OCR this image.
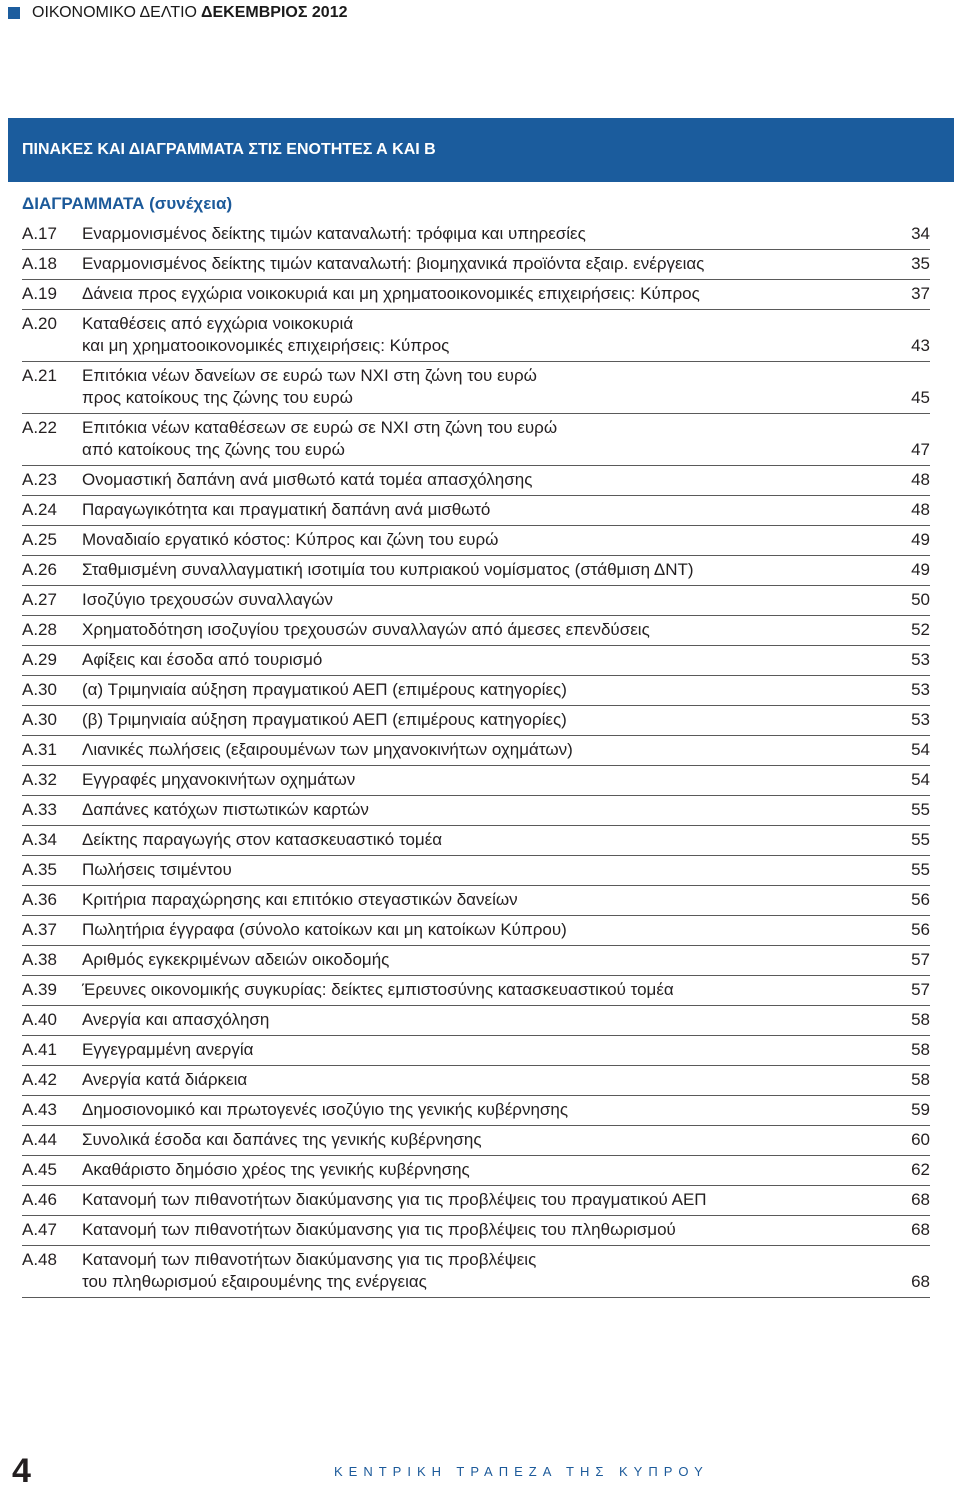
ΟΙΚΟΝΟΜΙΚΟ ΔΕΛΤΙΟ ΔΕΚΕΜΒΡΙΟΣ 2012
ΠΙΝΑΚΕΣ ΚΑΙ ΔΙΑΓΡΑΜΜΑΤΑ ΣΤΙΣ ΕΝΟΤΗΤΕΣ Α ΚΑΙ Β
ΔΙΑΓΡΑΜΜΑΤΑ (συνέχεια)
Α.17	Εναρμονισμένος δείκτης τιμών καταναλωτή: τρόφιμα και υπηρεσίες	34
Α.18	Εναρμονισμένος δείκτης τιμών καταναλωτή: βιομηχανικά προϊόντα εξαιρ. ενέργειας	35
Α.19	Δάνεια προς εγχώρια νοικοκυριά και μη χρηματοοικονομικές επιχειρήσεις: Κύπρος	37
Α.20	Καταθέσεις από εγχώρια νοικοκυριά
και μη χρηματοοικονομικές επιχειρήσεις: Κύπρος	43
Α.21	Επιτόκια νέων δανείων σε ευρώ των ΝΧΙ στη ζώνη του ευρώ
προς κατοίκους της ζώνης του ευρώ	45
Α.22	Επιτόκια νέων καταθέσεων σε ευρώ σε ΝΧΙ στη ζώνη του ευρώ
από κατοίκους της ζώνης του ευρώ	47
Α.23	Ονομαστική δαπάνη ανά μισθωτό κατά τομέα απασχόλησης	48
Α.24	Παραγωγικότητα και πραγματική δαπάνη ανά μισθωτό	48
Α.25	Μοναδιαίο εργατικό κόστος: Κύπρος και ζώνη του ευρώ	49
Α.26	Σταθμισμένη συναλλαγματική ισοτιμία του κυπριακού νομίσματος (στάθμιση ΔΝΤ)	49
Α.27	Ισοζύγιο τρεχουσών συναλλαγών	50
Α.28	Χρηματοδότηση ισοζυγίου τρεχουσών συναλλαγών από άμεσες επενδύσεις	52
Α.29	Αφίξεις και έσοδα από τουρισμό	53
Α.30	(α) Τριμηνιαία αύξηση πραγματικού ΑΕΠ (επιμέρους κατηγορίες)	53
Α.30	(β) Τριμηνιαία αύξηση πραγματικού ΑΕΠ (επιμέρους κατηγορίες)	53
Α.31	Λιανικές πωλήσεις (εξαιρουμένων των μηχανοκινήτων οχημάτων)	54
Α.32	Εγγραφές μηχανοκινήτων οχημάτων	54
Α.33	Δαπάνες κατόχων πιστωτικών καρτών	55
Α.34	Δείκτης παραγωγής στον κατασκευαστικό τομέα	55
Α.35	Πωλήσεις τσιμέντου	55
Α.36	Κριτήρια παραχώρησης και επιτόκιο στεγαστικών δανείων	56
Α.37	Πωλητήρια έγγραφα (σύνολο κατοίκων και μη κατοίκων Κύπρου)	56
Α.38	Αριθμός εγκεκριμένων αδειών οικοδομής	57
Α.39	Έρευνες οικονομικής συγκυρίας: δείκτες εμπιστοσύνης κατασκευαστικού τομέα	57
Α.40	Ανεργία και απασχόληση	58
Α.41	Εγγεγραμμένη ανεργία	58
Α.42	Ανεργία κατά διάρκεια	58
Α.43	Δημοσιονομικό και πρωτογενές ισοζύγιο της γενικής κυβέρνησης	59
Α.44	Συνολικά έσοδα και δαπάνες της γενικής κυβέρνησης	60
Α.45	Ακαθάριστο δημόσιο χρέος της γενικής κυβέρνησης	62
Α.46	Κατανομή των πιθανοτήτων διακύμανσης για τις προβλέψεις του πραγματικού ΑΕΠ	68
Α.47	Κατανομή των πιθανοτήτων διακύμανσης για τις προβλέψεις του πληθωρισμού	68
Α.48	Κατανομή των πιθανοτήτων διακύμανσης για τις προβλέψεις
του πληθωρισμού εξαιρουμένης της ενέργειας	68
4	ΚΕΝΤΡΙΚΗ ΤΡΑΠΕΖΑ ΤΗΣ ΚΥΠΡΟΥ
